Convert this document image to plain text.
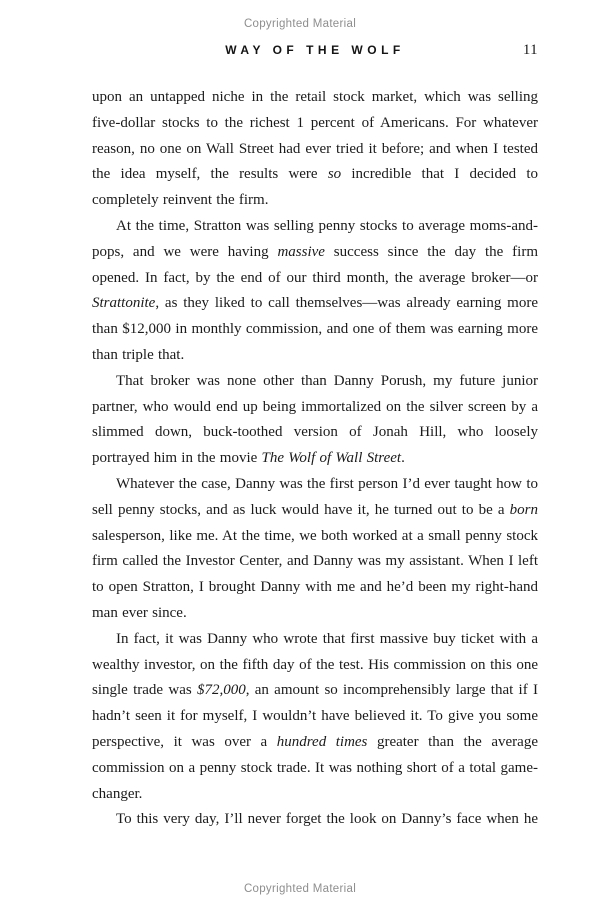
Copyrighted Material
WAY OF THE WOLF	11

upon an untapped niche in the retail stock market, which was selling five-dollar stocks to the richest 1 percent of Americans. For whatever reason, no one on Wall Street had ever tried it before; and when I tested the idea myself, the results were so incredible that I decided to completely reinvent the firm.

At the time, Stratton was selling penny stocks to average moms-and-pops, and we were having massive success since the day the firm opened. In fact, by the end of our third month, the average broker—or Strattonite, as they liked to call themselves—was already earning more than $12,000 in monthly commission, and one of them was earning more than triple that.

That broker was none other than Danny Porush, my future junior partner, who would end up being immortalized on the silver screen by a slimmed down, buck-toothed version of Jonah Hill, who loosely portrayed him in the movie The Wolf of Wall Street.

Whatever the case, Danny was the first person I’d ever taught how to sell penny stocks, and as luck would have it, he turned out to be a born salesperson, like me. At the time, we both worked at a small penny stock firm called the Investor Center, and Danny was my assistant. When I left to open Stratton, I brought Danny with me and he’d been my right-hand man ever since.

In fact, it was Danny who wrote that first massive buy ticket with a wealthy investor, on the fifth day of the test. His commission on this one single trade was $72,000, an amount so incomprehensibly large that if I hadn’t seen it for myself, I wouldn’t have believed it. To give you some perspective, it was over a hundred times greater than the average commission on a penny stock trade. It was nothing short of a total game-changer.

To this very day, I’ll never forget the look on Danny’s face when he

Copyrighted Material
